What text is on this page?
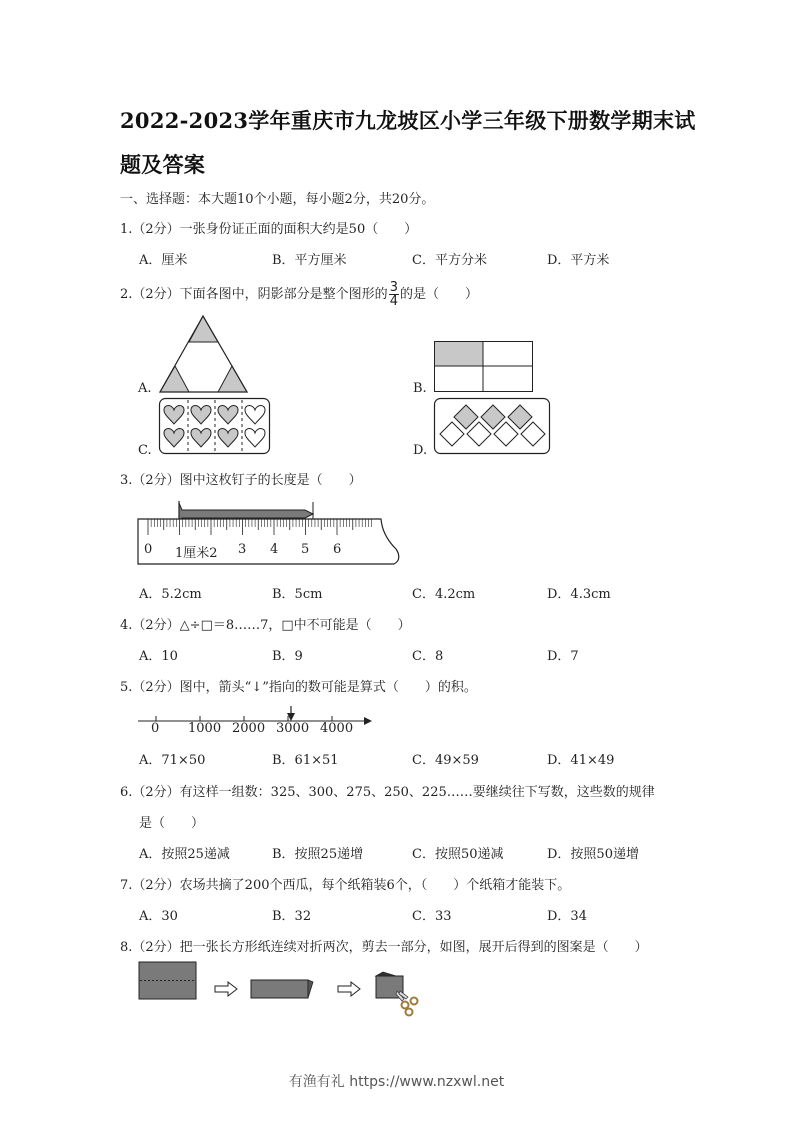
2022-2023学年重庆市九龙坡区小学三年级下册数学期末试
题及答案
一、选择题：本大题10个小题，每小题2分，共20分。
1.（2分）一张身份证正面的面积大约是50（　　）
A．厘米	B．平方厘米	C．平方分米	D．平方米
2.（2分）下面各图中，阴影部分是整个图形的 $\frac{3}{4}$ 的是（　　）
A.	B.
C.	D.
3.（2分）图中这枚钉子的长度是（　　）
0 1厘米2 3 4 5 6
A．5.2cm	B．5cm	C．4.2cm	D．4.3cm
4.（2分）△÷□＝8……7，□中不可能是（　　）
A．10	B．9	C．8	D．7
5.（2分）图中，箭头“↓”指向的数可能是算式（　　）的积。
0 1000 2000 3000 4000
A．71×50	B．61×51	C．49×59	D．41×49
6.（2分）有这样一组数：325、300、275、250、225……要继续往下写数，这些数的规律
是（　　）
A．按照25递减	B．按照25递增	C．按照50递减	D．按照50递增
7.（2分）农场共摘了200个西瓜，每个纸箱装6个，（　　）个纸箱才能装下。
A．30	B．32	C．33	D．34
8.（2分）把一张长方形纸连续对折两次，剪去一部分，如图，展开后得到的图案是（　　）
有渔有礼 https://www.nzxwl.net
